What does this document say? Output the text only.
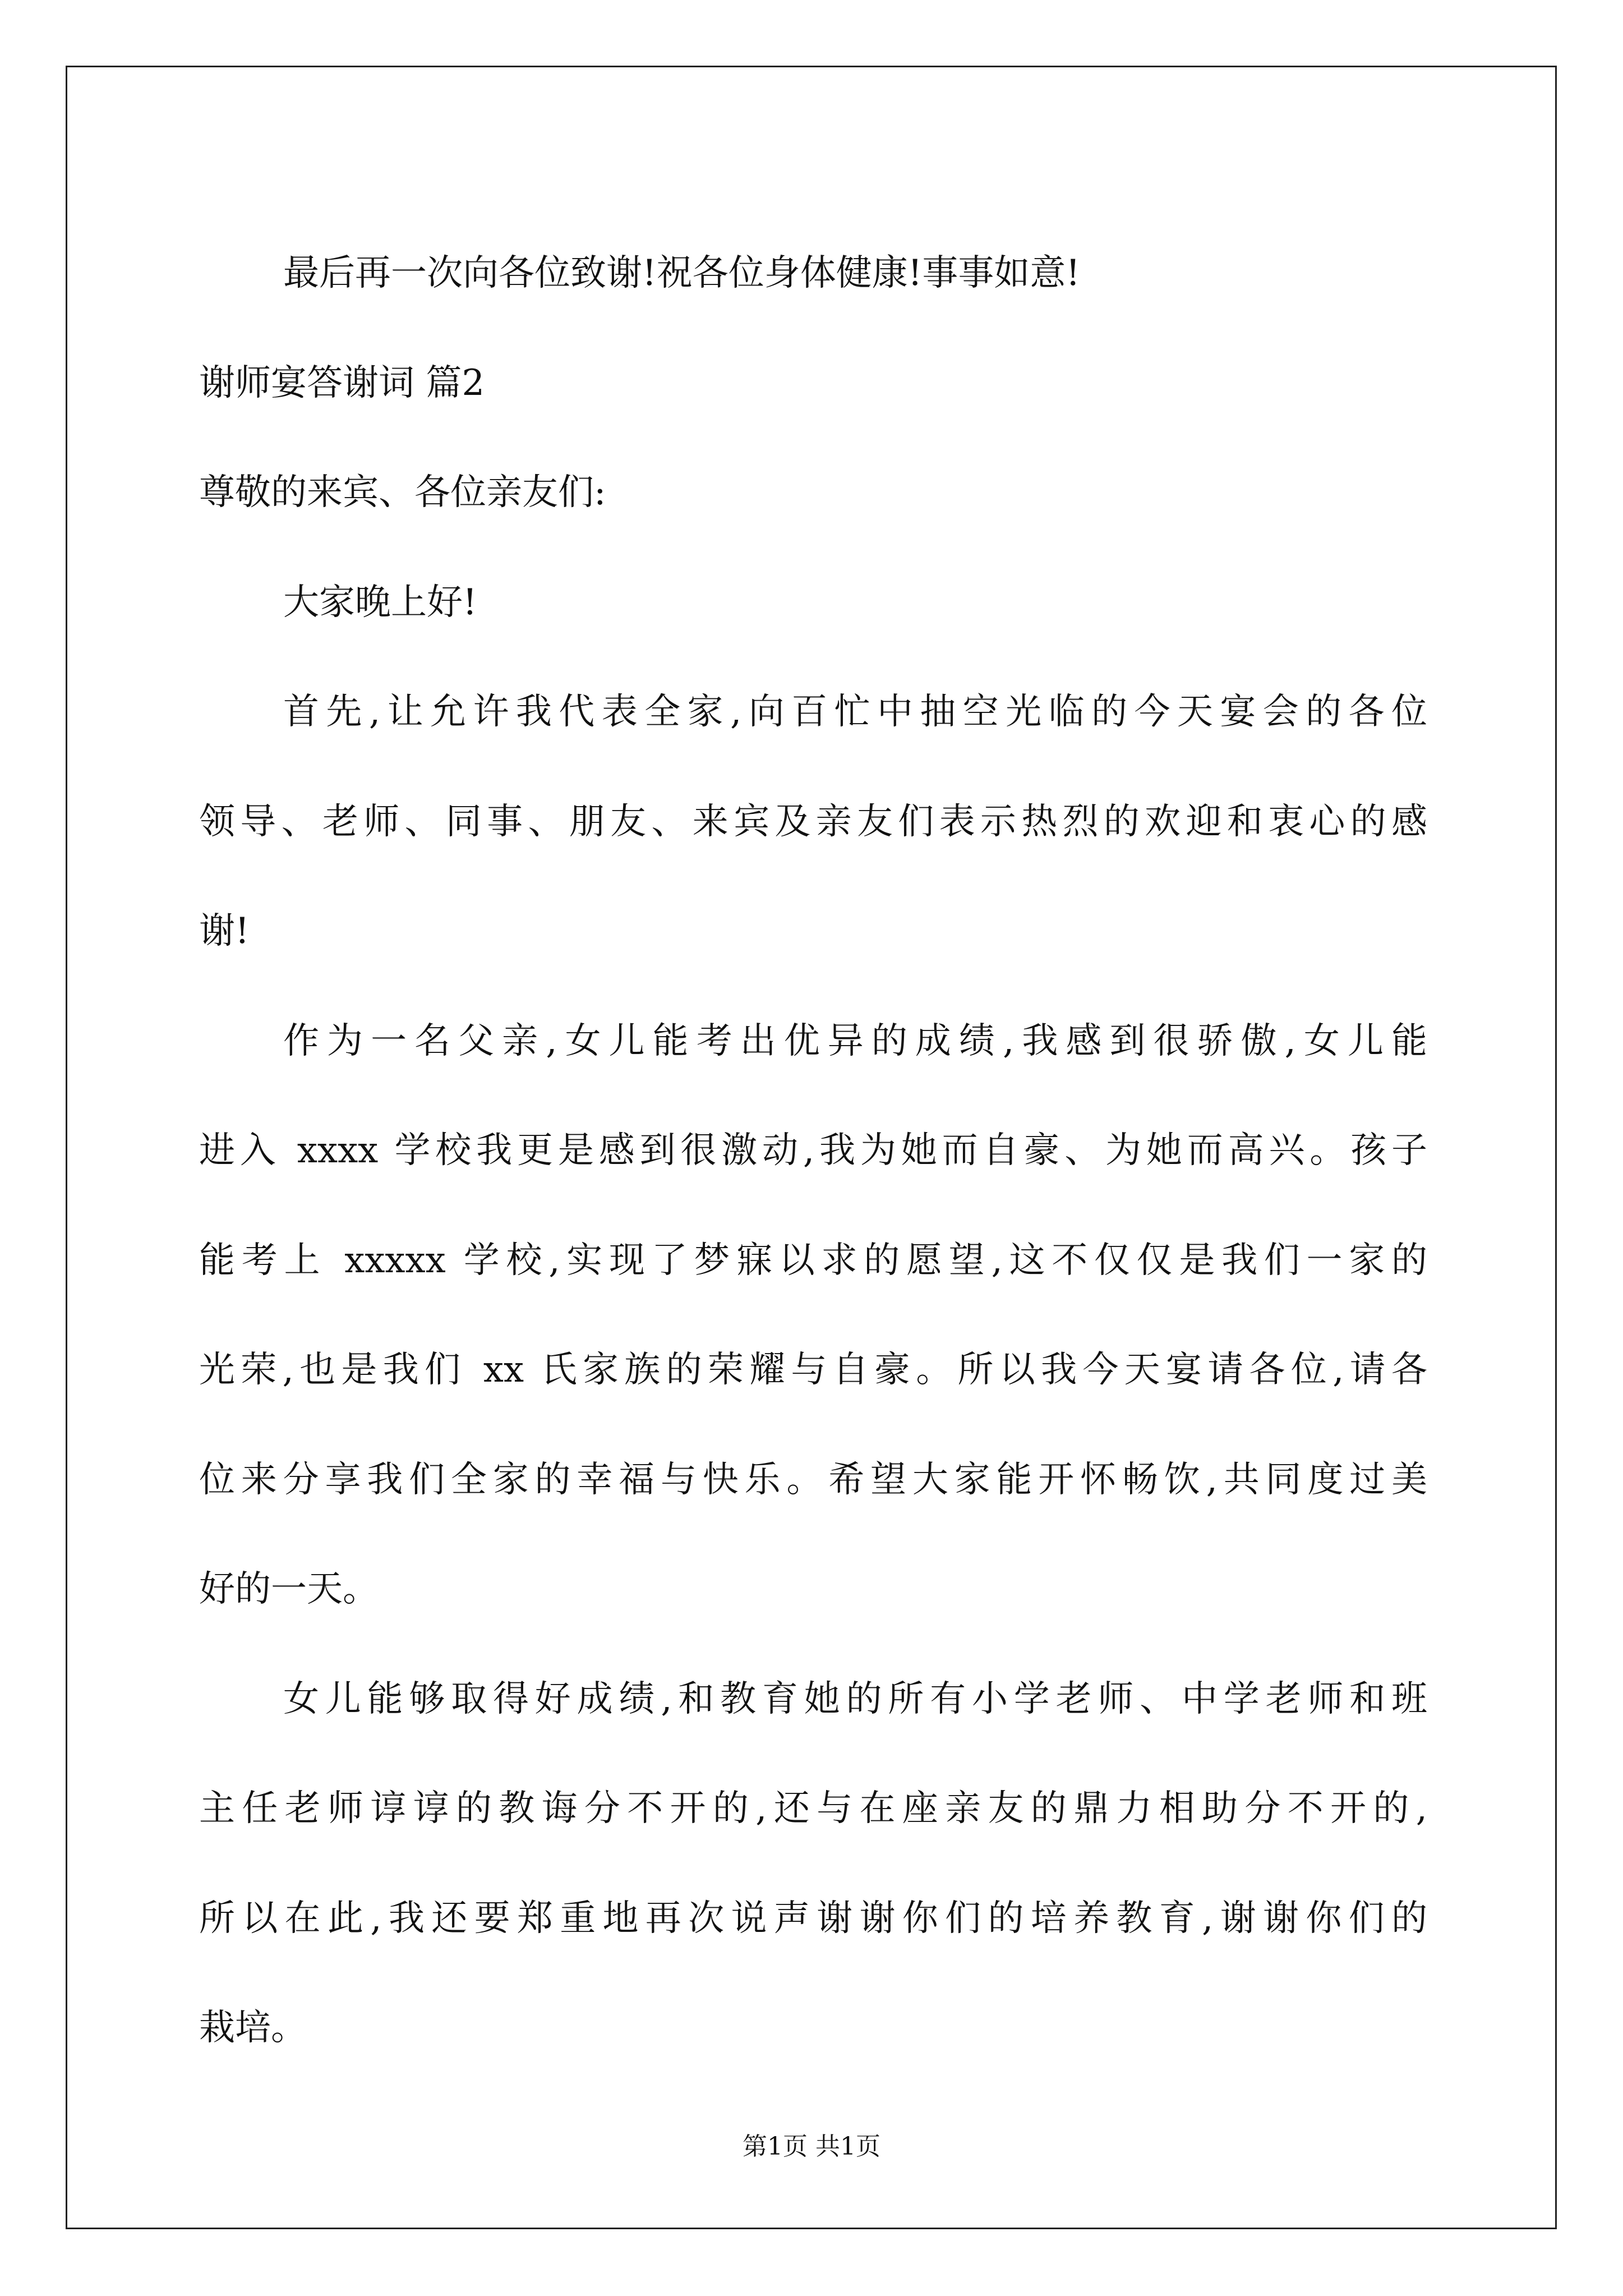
最后再一次向各位致谢!祝各位身体健康!事事如意!
谢师宴答谢词 篇2
尊敬的来宾、各位亲友们:
大家晚上好!
首先,让允许我代表全家,向百忙中抽空光临的今天宴会的各位
领导、老师、同事、朋友、来宾及亲友们表示热烈的欢迎和衷心的感
谢!
作为一名父亲,女儿能考出优异的成绩,我感到很骄傲,女儿能
进入 xxxx 学校我更是感到很激动,我为她而自豪、为她而高兴。孩子
能考上 xxxxx 学校,实现了梦寐以求的愿望,这不仅仅是我们一家的
光荣,也是我们 xx 氏家族的荣耀与自豪。所以我今天宴请各位,请各
位来分享我们全家的幸福与快乐。希望大家能开怀畅饮,共同度过美
好的一天。
女儿能够取得好成绩,和教育她的所有小学老师、中学老师和班
主任老师谆谆的教诲分不开的,还与在座亲友的鼎力相助分不开的,
所以在此,我还要郑重地再次说声谢谢你们的培养教育,谢谢你们的
栽培。
第1页 共1页
